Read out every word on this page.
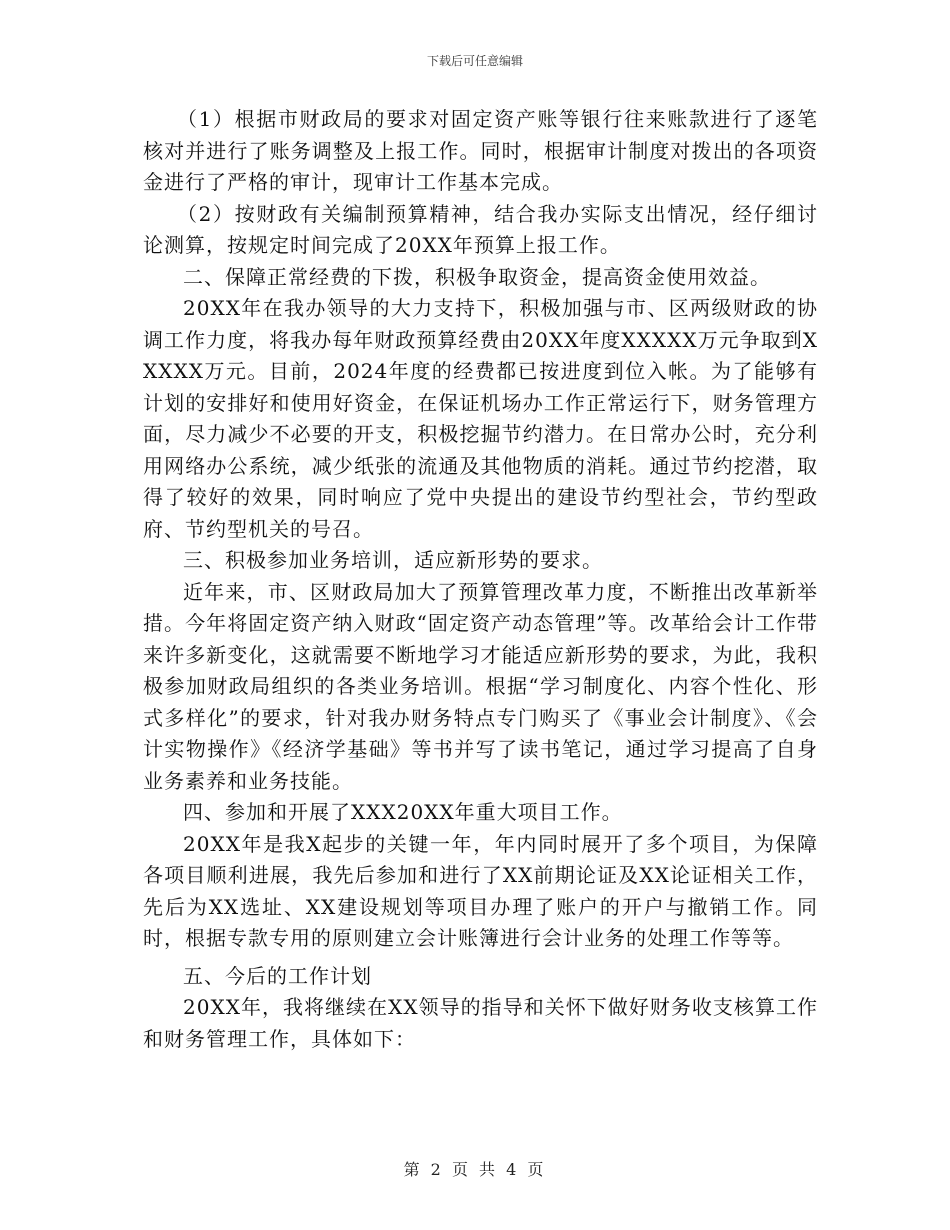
下载后可任意编辑

（1）根据市财政局的要求对固定资产账等银行往来账款进行了逐笔核对并进行了账务调整及上报工作。同时，根据审计制度对拨出的各项资金进行了严格的审计，现审计工作基本完成。

（2）按财政有关编制预算精神，结合我办实际支出情况，经仔细讨论测算，按规定时间完成了20XX年预算上报工作。

二、保障正常经费的下拨，积极争取资金，提高资金使用效益。

20XX年在我办领导的大力支持下，积极加强与市、区两级财政的协调工作力度，将我办每年财政预算经费由20XX年度XXXXX万元争取到XXXXX万元。目前，2024年度的经费都已按进度到位入帐。为了能够有计划的安排好和使用好资金，在保证机场办工作正常运行下，财务管理方面，尽力减少不必要的开支，积极挖掘节约潜力。在日常办公时，充分利用网络办公系统，减少纸张的流通及其他物质的消耗。通过节约挖潜，取得了较好的效果，同时响应了党中央提出的建设节约型社会，节约型政府、节约型机关的号召。

三、积极参加业务培训，适应新形势的要求。

近年来，市、区财政局加大了预算管理改革力度，不断推出改革新举措。今年将固定资产纳入财政“固定资产动态管理”等。改革给会计工作带来许多新变化，这就需要不断地学习才能适应新形势的要求，为此，我积极参加财政局组织的各类业务培训。根据“学习制度化、内容个性化、形式多样化”的要求，针对我办财务特点专门购买了《事业会计制度》、《会计实物操作》《经济学基础》等书并写了读书笔记，通过学习提高了自身业务素养和业务技能。

四、参加和开展了XXX20XX年重大项目工作。

20XX年是我X起步的关键一年，年内同时展开了多个项目，为保障各项目顺利进展，我先后参加和进行了XX前期论证及XX论证相关工作，先后为XX选址、XX建设规划等项目办理了账户的开户与撤销工作。同时，根据专款专用的原则建立会计账簿进行会计业务的处理工作等等。

五、今后的工作计划

20XX年，我将继续在XX领导的指导和关怀下做好财务收支核算工作和财务管理工作，具体如下：

第 2 页 共 4 页
